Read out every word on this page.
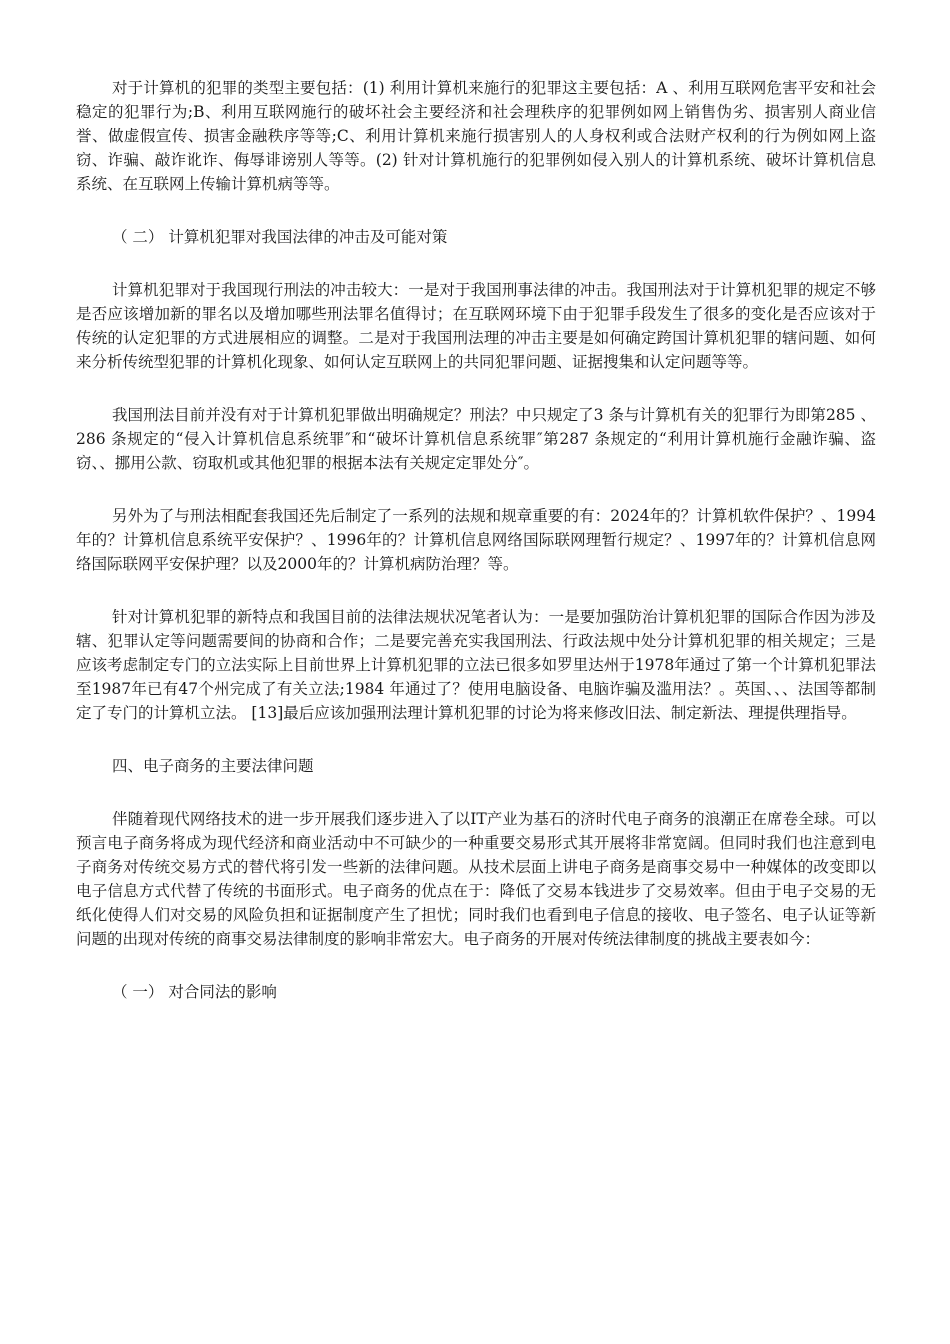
对于计算机的犯罪的类型主要包括：(1) 利用计算机来施行的犯罪这主要包括：A 、利用互联网危害平安和社会稳定的犯罪行为;B、利用互联网施行的破坏社会主要经济和社会理秩序的犯罪例如网上销售伪劣、损害别人商业信誉、做虚假宣传、损害金融秩序等等;C、利用计算机来施行损害别人的人身权利或合法财产权利的行为例如网上盗窃、诈骗、敲诈讹诈、侮辱诽谤别人等等。(2) 针对计算机施行的犯罪例如侵入别人的计算机系统、破坏计算机信息系统、在互联网上传输计算机病等等。

（ 二） 计算机犯罪对我国法律的冲击及可能对策

计算机犯罪对于我国现行刑法的冲击较大：一是对于我国刑事法律的冲击。我国刑法对于计算机犯罪的规定不够是否应该增加新的罪名以及增加哪些刑法罪名值得讨；在互联网环境下由于犯罪手段发生了很多的变化是否应该对于传统的认定犯罪的方式进展相应的调整。二是对于我国刑法理的冲击主要是如何确定跨国计算机犯罪的辖问题、如何来分析传统型犯罪的计算机化现象、如何认定互联网上的共同犯罪问题、证据搜集和认定问题等等。

我国刑法目前并没有对于计算机犯罪做出明确规定？刑法？中只规定了3 条与计算机有关的犯罪行为即第285 、286 条规定的“侵入计算机信息系统罪″和“破坏计算机信息系统罪″第287 条规定的“利用计算机施行金融诈骗、盗窃、、挪用公款、窃取机或其他犯罪的根据本法有关规定定罪处分″。

另外为了与刑法相配套我国还先后制定了一系列的法规和规章重要的有：2024年的？计算机软件保护？、1994年的？计算机信息系统平安保护？、1996年的？计算机信息网络国际联网理暂行规定？、1997年的？计算机信息网络国际联网平安保护理？以及2000年的？计算机病防治理？等。

针对计算机犯罪的新特点和我国目前的法律法规状况笔者认为：一是要加强防治计算机犯罪的国际合作因为涉及辖、犯罪认定等问题需要间的协商和合作；二是要完善充实我国刑法、行政法规中处分计算机犯罪的相关规定；三是应该考虑制定专门的立法实际上目前世界上计算机犯罪的立法已很多如罗里达州于1978年通过了第一个计算机犯罪法至1987年已有47个州完成了有关立法;1984 年通过了？使用电脑设备、电脑诈骗及滥用法？。英国、、、法国等都制定了专门的计算机立法。 [13]最后应该加强刑法理计算机犯罪的讨论为将来修改旧法、制定新法、理提供理指导。

四、电子商务的主要法律问题

伴随着现代网络技术的进一步开展我们逐步进入了以IT产业为基石的济时代电子商务的浪潮正在席卷全球。可以预言电子商务将成为现代经济和商业活动中不可缺少的一种重要交易形式其开展将非常宽阔。但同时我们也注意到电子商务对传统交易方式的替代将引发一些新的法律问题。从技术层面上讲电子商务是商事交易中一种媒体的改变即以电子信息方式代替了传统的书面形式。电子商务的优点在于：降低了交易本钱进步了交易效率。但由于电子交易的无纸化使得人们对交易的风险负担和证据制度产生了担忧；同时我们也看到电子信息的接收、电子签名、电子认证等新问题的出现对传统的商事交易法律制度的影响非常宏大。电子商务的开展对传统法律制度的挑战主要表如今：

（ 一） 对合同法的影响
